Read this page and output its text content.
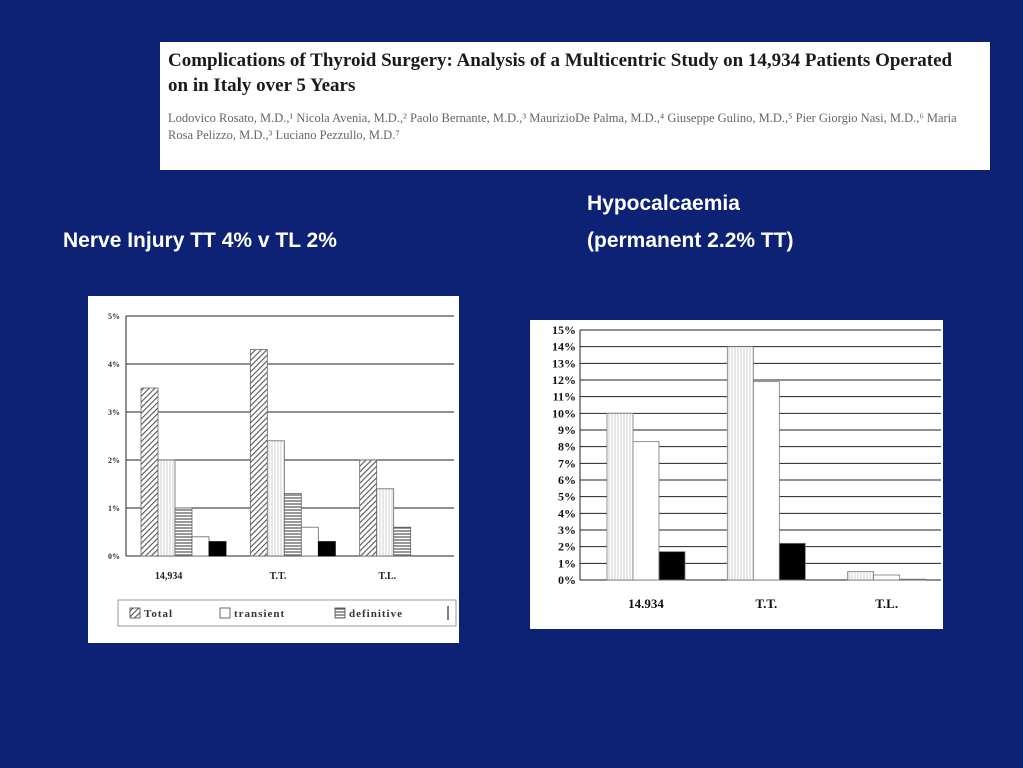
Complications of Thyroid Surgery: Analysis of a Multicentric Study on 14,934 Patients Operated on in Italy over 5 Years
Lodovico Rosato, M.D.,¹ Nicola Avenia, M.D.,² Paolo Bernante, M.D.,³ MaurizioDe Palma, M.D.,⁴ Giuseppe Gulino, M.D.,⁵ Pier Giorgio Nasi, M.D.,⁶ Maria Rosa Pelizzo, M.D.,³ Luciano Pezzullo, M.D.⁷
Nerve Injury TT 4% v TL 2%
Hypocalcaemia
(permanent 2.2% TT)
0%
1%
2%
3%
4%
5%
14,934	T.T.	T.L.
Total	transient	definitive
0%
1%
2%
3%
4%
5%
6%
7%
8%
9%
10%
11%
12%
13%
14%
15%
14.934	T.T.	T.L.
